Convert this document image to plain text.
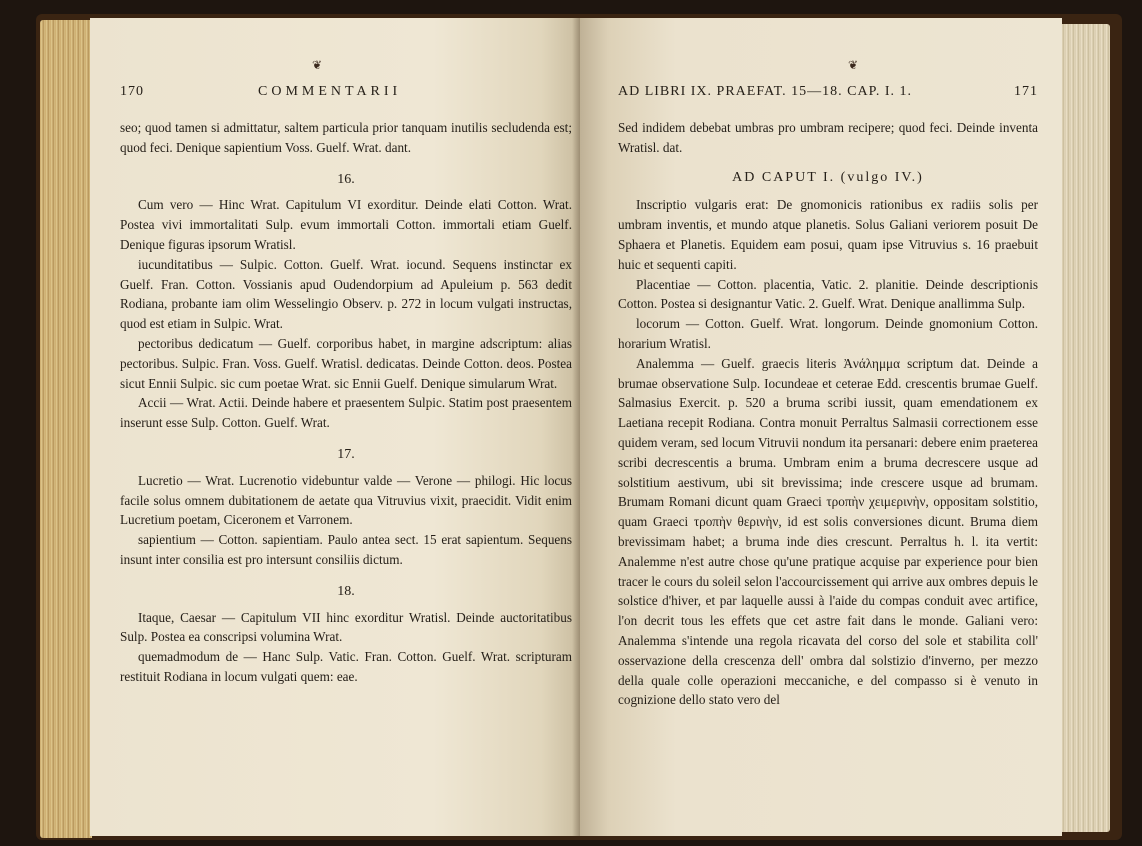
❦
170	COMMENTARII

seo; quod tamen si admittatur, saltem particula prior tanquam inutilis secludenda est; quod feci. Denique sapientium Voss. Guelf. Wrat. dant.

16.

Cum vero — Hinc Wrat. Capitulum VI exorditur. Deinde elati Cotton. Wrat. Postea vivi immortalitati Sulp. evum immortali Cotton. immortali etiam Guelf. Denique figuras ipsorum Wratisl.

iucunditatibus — Sulpic. Cotton. Guelf. Wrat. iocund. Sequens instinctar ex Guelf. Fran. Cotton. Vossianis apud Oudendorpium ad Apuleium p. 563 dedit Rodiana, probante iam olim Wesselingio Observ. p. 272 in locum vulgati instructas, quod est etiam in Sulpic. Wrat.

pectoribus dedicatum — Guelf. corporibus habet, in margine adscriptum: alias pectoribus. Sulpic. Fran. Voss. Guelf. Wratisl. dedicatas. Deinde Cotton. deos. Postea sicut Ennii Sulpic. sic cum poetae Wrat. sic Ennii Guelf. Denique simularum Wrat.

Accii — Wrat. Actii. Deinde habere et praesentem Sulpic. Statim post praesentem inserunt esse Sulp. Cotton. Guelf. Wrat.

17.

Lucretio — Wrat. Lucrenotio videbuntur valde — Verone — philogi. Hic locus facile solus omnem dubitationem de aetate qua Vitruvius vixit, praecidit. Vidit enim Lucretium poetam, Ciceronem et Varronem.

sapientium — Cotton. sapientiam. Paulo antea sect. 15 erat sapientum. Sequens insunt inter consilia est pro intersunt consiliis dictum.

18.

Itaque, Caesar — Capitulum VII hinc exorditur Wratisl. Deinde auctoritatibus Sulp. Postea ea conscripsi volumina Wrat.

quemadmodum de — Hanc Sulp. Vatic. Fran. Cotton. Guelf. Wrat. scripturam restituit Rodiana in locum vulgati quem: eae.

❦
AD LIBRI IX. PRAEFAT. 15—18. CAP. I. 1.	171

Sed indidem debebat umbras pro umbram recipere; quod feci. Deinde inventa Wratisl. dat.

AD CAPUT I. (vulgo IV.)

Inscriptio vulgaris erat: De gnomonicis rationibus ex radiis solis per umbram inventis, et mundo atque planetis. Solus Galiani veriorem posuit De Sphaera et Planetis. Equidem eam posui, quam ipse Vitruvius s. 16 praebuit huic et sequenti capiti.

Placentiae — Cotton. placentia, Vatic. 2. planitie. Deinde descriptionis Cotton. Postea si designantur Vatic. 2. Guelf. Wrat. Denique anallimma Sulp.

locorum — Cotton. Guelf. Wrat. longorum. Deinde gnomonium Cotton. horarium Wratisl.

Analemma — Guelf. graecis literis Ἀνάλημμα scriptum dat. Deinde a brumae observatione Sulp. Iocundeae et ceterae Edd. crescentis brumae Guelf. Salmasius Exercit. p. 520 a bruma scribi iussit, quam emendationem ex Laetiana recepit Rodiana. Contra monuit Perraltus Salmasii correctionem esse quidem veram, sed locum Vitruvii nondum ita persanari: debere enim praeterea scribi decrescentis a bruma. Umbram enim a bruma decrescere usque ad solstitium aestivum, ubi sit brevissima; inde crescere usque ad brumam. Brumam Romani dicunt quam Graeci τροπὴν χειμερινὴν, oppositam solstitio, quam Graeci τροπὴν θερινὴν, id est solis conversiones dicunt. Bruma diem brevissimam habet; a bruma inde dies crescunt. Perraltus h. l. ita vertit: Analemme n'est autre chose qu'une pratique acquise par experience pour bien tracer le cours du soleil selon l'accourcissement qui arrive aux ombres depuis le solstice d'hiver, et par laquelle aussi à l'aide du compas conduit avec artifice, l'on decrit tous les effets que cet astre fait dans le monde. Galiani vero: Analemma s'intende una regola ricavata del corso del sole et stabilita coll' osservazione della crescenza dell' ombra dal solstizio d'inverno, per mezzo della quale colle operazioni meccaniche, e del compasso si è venuto in cognizione dello stato vero del
